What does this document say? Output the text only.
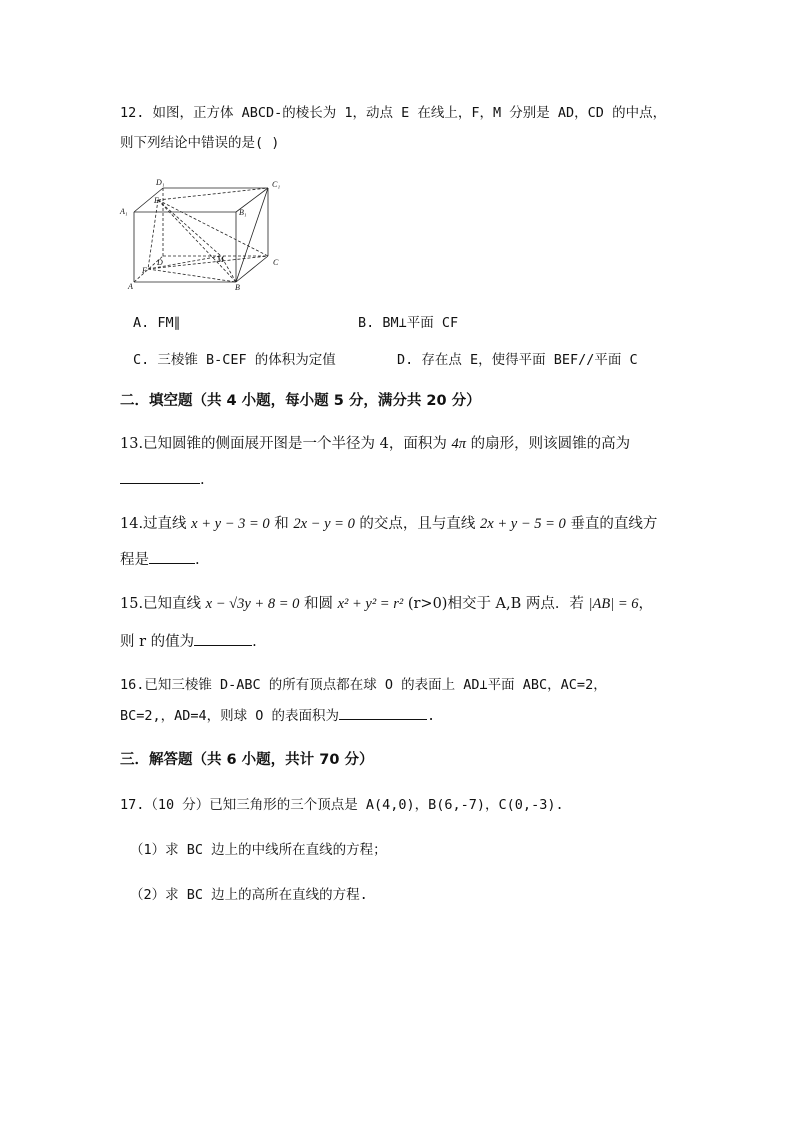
12. 如图，正方体 ABCD-的棱长为 1，动点 E 在线上，F，M 分别是 AD，CD 的中点，
则下列结论中错误的是( )
D₁	C₁
A₁	B₁
E
D	M	C
F
A	B
A. FM∥	B. BM⊥平面 CF
C. 三棱锥 B-CEF 的体积为定值	D. 存在点 E，使得平面 BEF//平面 C
二．填空题（共 4 小题，每小题 5 分，满分共 20 分）
13.已知圆锥的侧面展开图是一个半径为 4，面积为 4π 的扇形，则该圆锥的高为
.
14.过直线 x + y − 3 = 0 和 2x − y = 0 的交点，且与直线 2x + y − 5 = 0 垂直的直线方
程是	.
15.已知直线 x − √3y + 8 = 0 和圆 x² + y² = r² (r>0)相交于 A,B 两点．若 |AB| = 6，
则 r 的值为	.
16.已知三棱锥 D-ABC 的所有顶点都在球 O 的表面上 AD⊥平面 ABC，AC=2，
BC=2,，AD=4，则球 O 的表面积为	.
三．解答题（共 6 小题，共计 70 分）
17.（10 分）已知三角形的三个顶点是 A(4,0)，B(6,-7)，C(0,-3).
（1）求 BC 边上的中线所在直线的方程；
（2）求 BC 边上的高所在直线的方程.
